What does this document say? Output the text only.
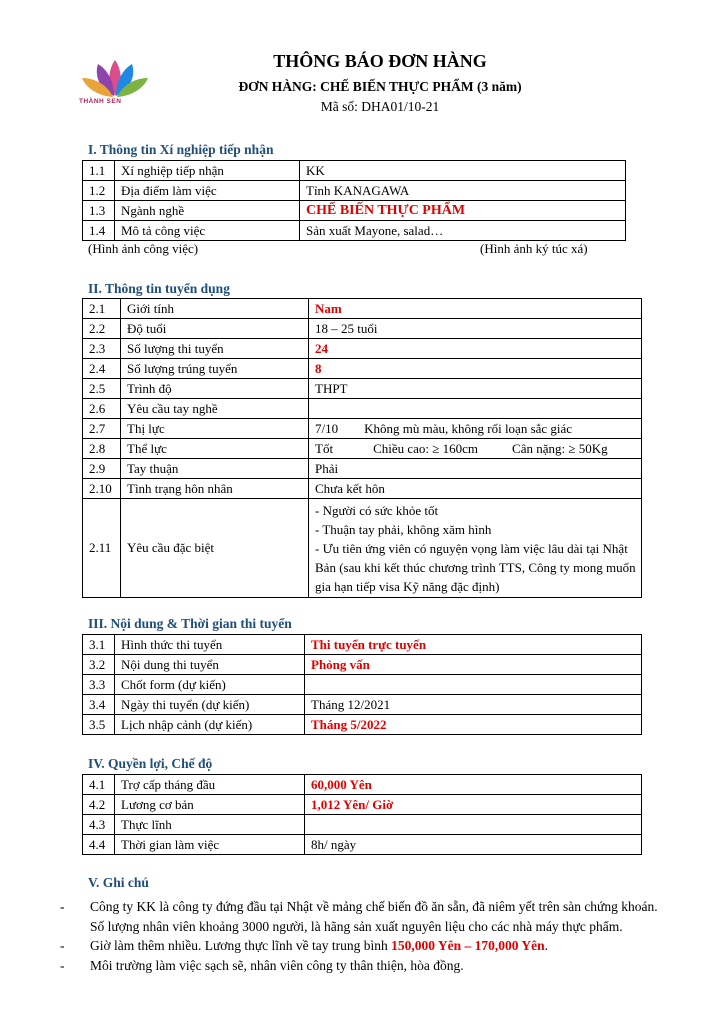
THÀNH SEN
THÔNG BÁO ĐƠN HÀNG
ĐƠN HÀNG: CHẾ BIẾN THỰC PHẨM (3 năm)
Mã số: DHA01/10-21
I. Thông tin Xí nghiệp tiếp nhận
1.1	Xí nghiệp tiếp nhận	KK
1.2	Địa điểm làm việc	Tỉnh KANAGAWA
1.3	Ngành nghề	CHẾ BIẾN THỰC PHẨM
1.4	Mô tả công việc	Sản xuất Mayone, salad…
(Hình ảnh công việc)	(Hình ảnh ký túc xá)
II. Thông tin tuyển dụng
2.1	Giới tính	Nam
2.2	Độ tuổi	18 – 25 tuổi
2.3	Số lượng thi tuyển	24
2.4	Số lượng trúng tuyển	8
2.5	Trình độ	THPT
2.6	Yêu cầu tay nghề	
2.7	Thị lực	7/10 Không mù màu, không rối loạn sắc giác
2.8	Thể lực	Tốt Chiều cao: ≥ 160cm Cân nặng: ≥ 50Kg
2.9	Tay thuận	Phải
2.10	Tình trạng hôn nhân	Chưa kết hôn
2.11	Yêu cầu đặc biệt	- Người có sức khỏe tốt
- Thuận tay phải, không xăm hình
- Ưu tiên ứng viên có nguyện vọng làm việc lâu dài tại Nhật Bản (sau khi kết thúc chương trình TTS, Công ty mong muốn gia hạn tiếp visa Kỹ năng đặc định)
III. Nội dung & Thời gian thi tuyển
3.1	Hình thức thi tuyển	Thi tuyển trực tuyến
3.2	Nội dung thi tuyển	Phỏng vấn
3.3	Chốt form (dự kiến)	
3.4	Ngày thi tuyển (dự kiến)	Tháng 12/2021
3.5	Lịch nhập cảnh (dự kiến)	Tháng 5/2022
IV. Quyền lợi, Chế độ
4.1	Trợ cấp tháng đầu	60,000 Yên
4.2	Lương cơ bản	1,012 Yên/ Giờ
4.3	Thực lĩnh	
4.4	Thời gian làm việc	8h/ ngày
V. Ghi chú
- Công ty KK là công ty đứng đầu tại Nhật về mảng chế biến đồ ăn sẵn, đã niêm yết trên sàn chứng khoán. Số lượng nhân viên khoảng 3000 người, là hãng sản xuất nguyên liệu cho các nhà máy thực phẩm.
- Giờ làm thêm nhiều. Lương thực lĩnh về tay trung bình 150,000 Yên – 170,000 Yên.
- Môi trường làm việc sạch sẽ, nhân viên công ty thân thiện, hòa đồng.
